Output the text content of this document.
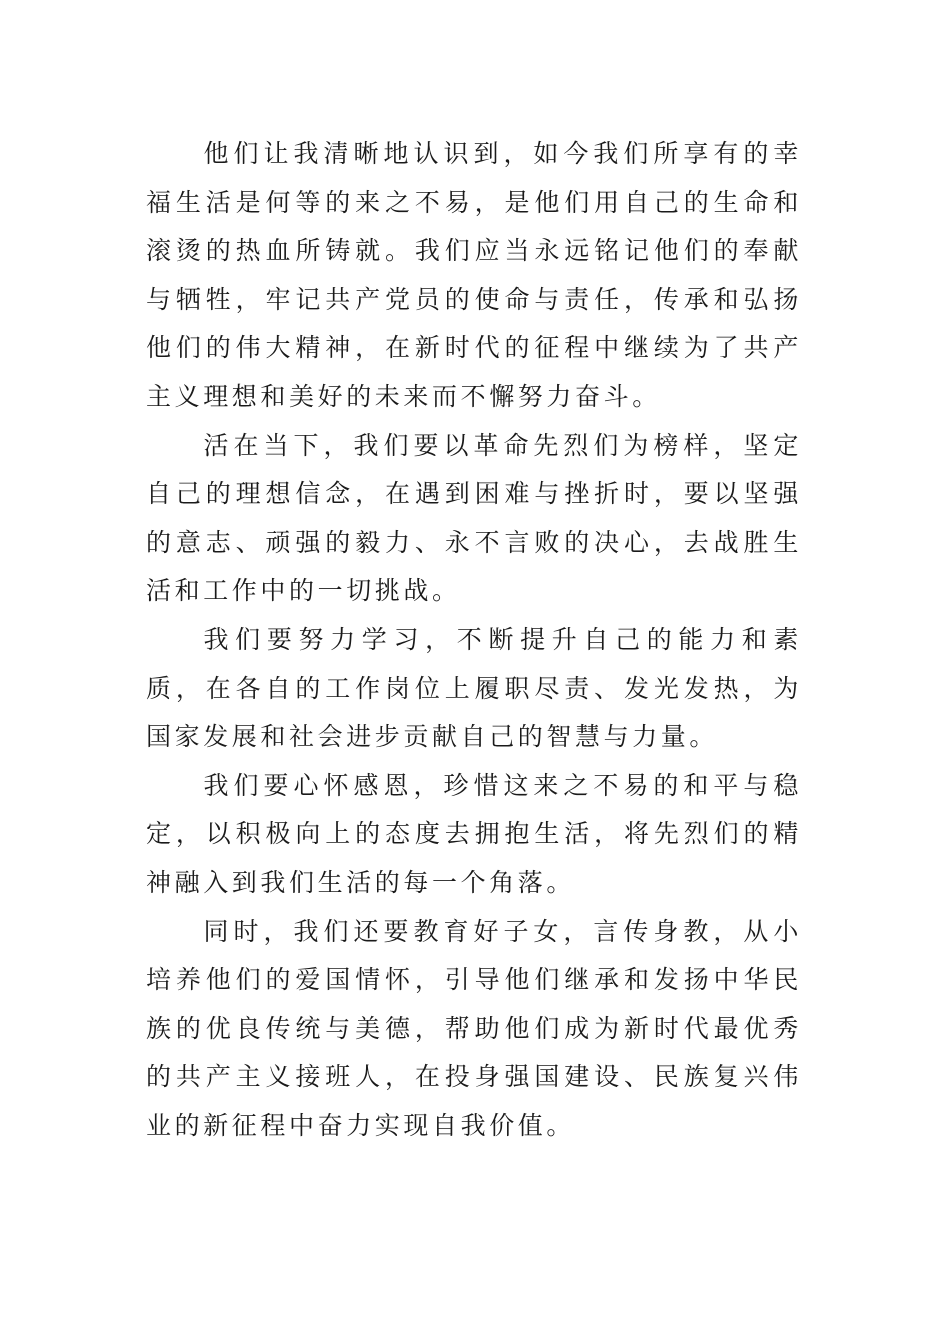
他们让我清晰地认识到，如今我们所享有的幸福生活是何等的来之不易，是他们用自己的生命和滚烫的热血所铸就。我们应当永远铭记他们的奉献与牺牲，牢记共产党员的使命与责任，传承和弘扬他们的伟大精神，在新时代的征程中继续为了共产主义理想和美好的未来而不懈努力奋斗。

活在当下，我们要以革命先烈们为榜样，坚定自己的理想信念，在遇到困难与挫折时，要以坚强的意志、顽强的毅力、永不言败的决心，去战胜生活和工作中的一切挑战。

我们要努力学习，不断提升自己的能力和素质，在各自的工作岗位上履职尽责、发光发热，为国家发展和社会进步贡献自己的智慧与力量。

我们要心怀感恩，珍惜这来之不易的和平与稳定，以积极向上的态度去拥抱生活，将先烈们的精神融入到我们生活的每一个角落。

同时，我们还要教育好子女，言传身教，从小培养他们的爱国情怀，引导他们继承和发扬中华民族的优良传统与美德，帮助他们成为新时代最优秀的共产主义接班人，在投身强国建设、民族复兴伟业的新征程中奋力实现自我价值。
